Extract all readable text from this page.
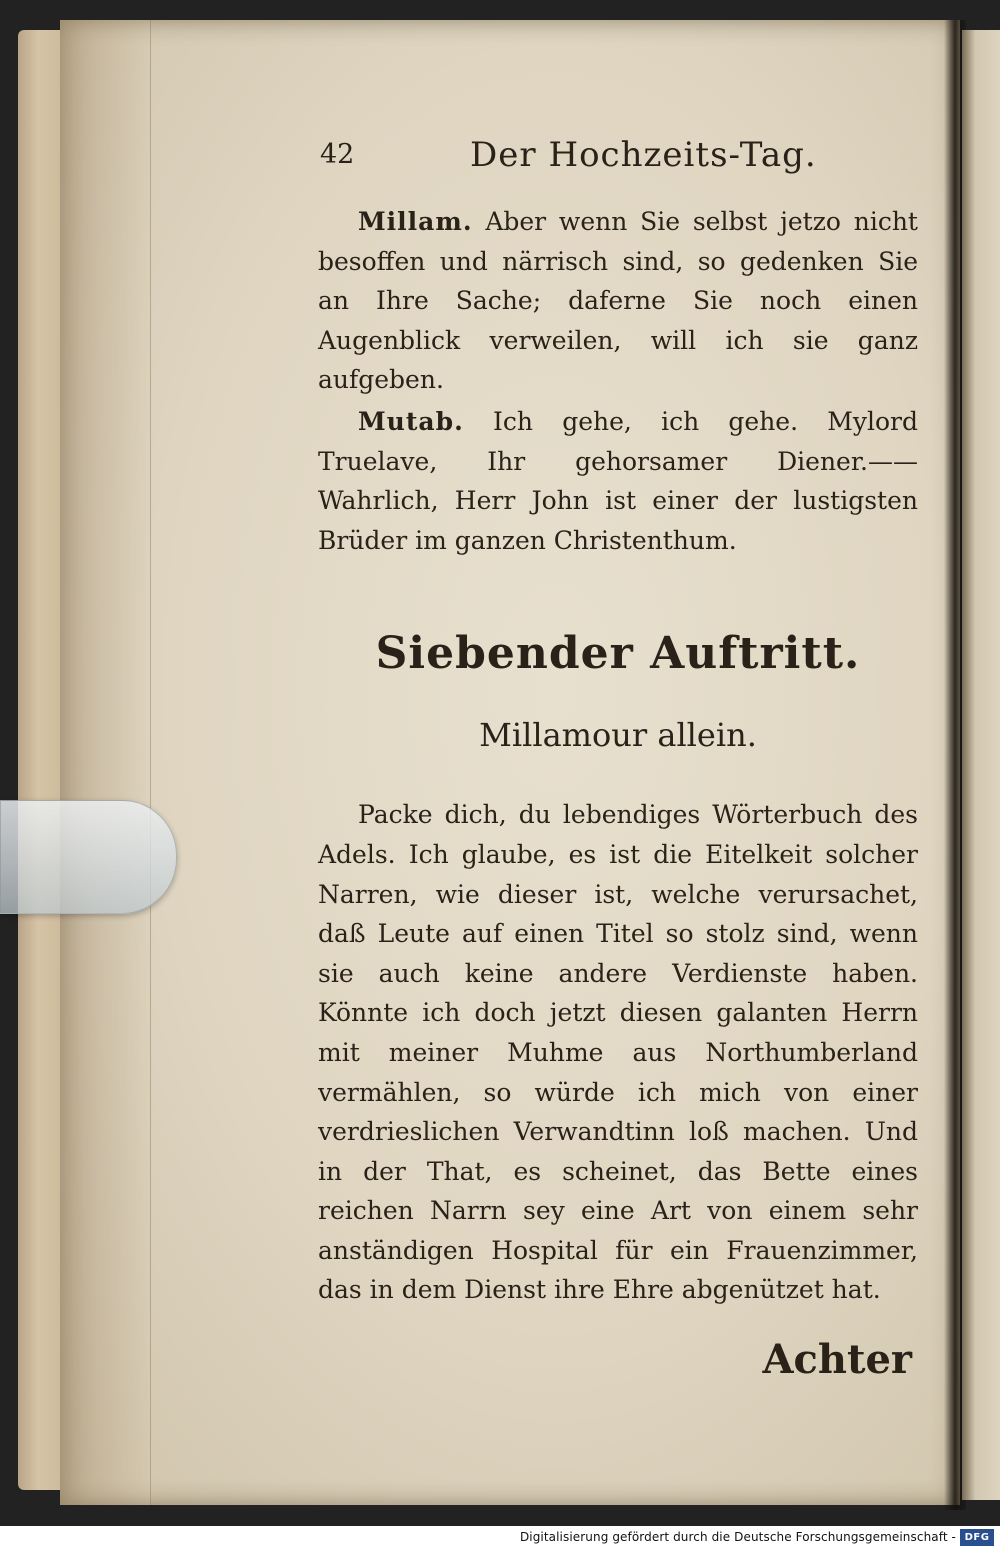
42	Der Hochzeits-Tag.

Millam. Aber wenn Sie selbst jetzo nicht besoffen und närrisch sind, so gedenken Sie an Ihre Sache; daferne Sie noch einen Augenblick verweilen, will ich sie ganz aufgeben.

Mutab. Ich gehe, ich gehe. Mylord Truelave, Ihr gehorsamer Diener.—— Wahrlich, Herr John ist einer der lustigsten Brüder im ganzen Christenthum.

Siebender Auftritt.
Millamour allein.

Packe dich, du lebendiges Wörterbuch des Adels. Ich glaube, es ist die Eitelkeit solcher Narren, wie dieser ist, welche verursachet, daß Leute auf einen Titel so stolz sind, wenn sie auch keine andere Verdienste haben. Könnte ich doch jetzt diesen galanten Herrn mit meiner Muhme aus Northumberland vermählen, so würde ich mich von einer verdrieslichen Verwandtinn loß machen. Und in der That, es scheinet, das Bette eines reichen Narrn sey eine Art von einem sehr anständigen Hospital für ein Frauenzimmer, das in dem Dienst ihre Ehre abgenützet hat.

Achter
Digitalisierung gefördert durch die Deutsche Forschungsgemeinschaft - DFG
